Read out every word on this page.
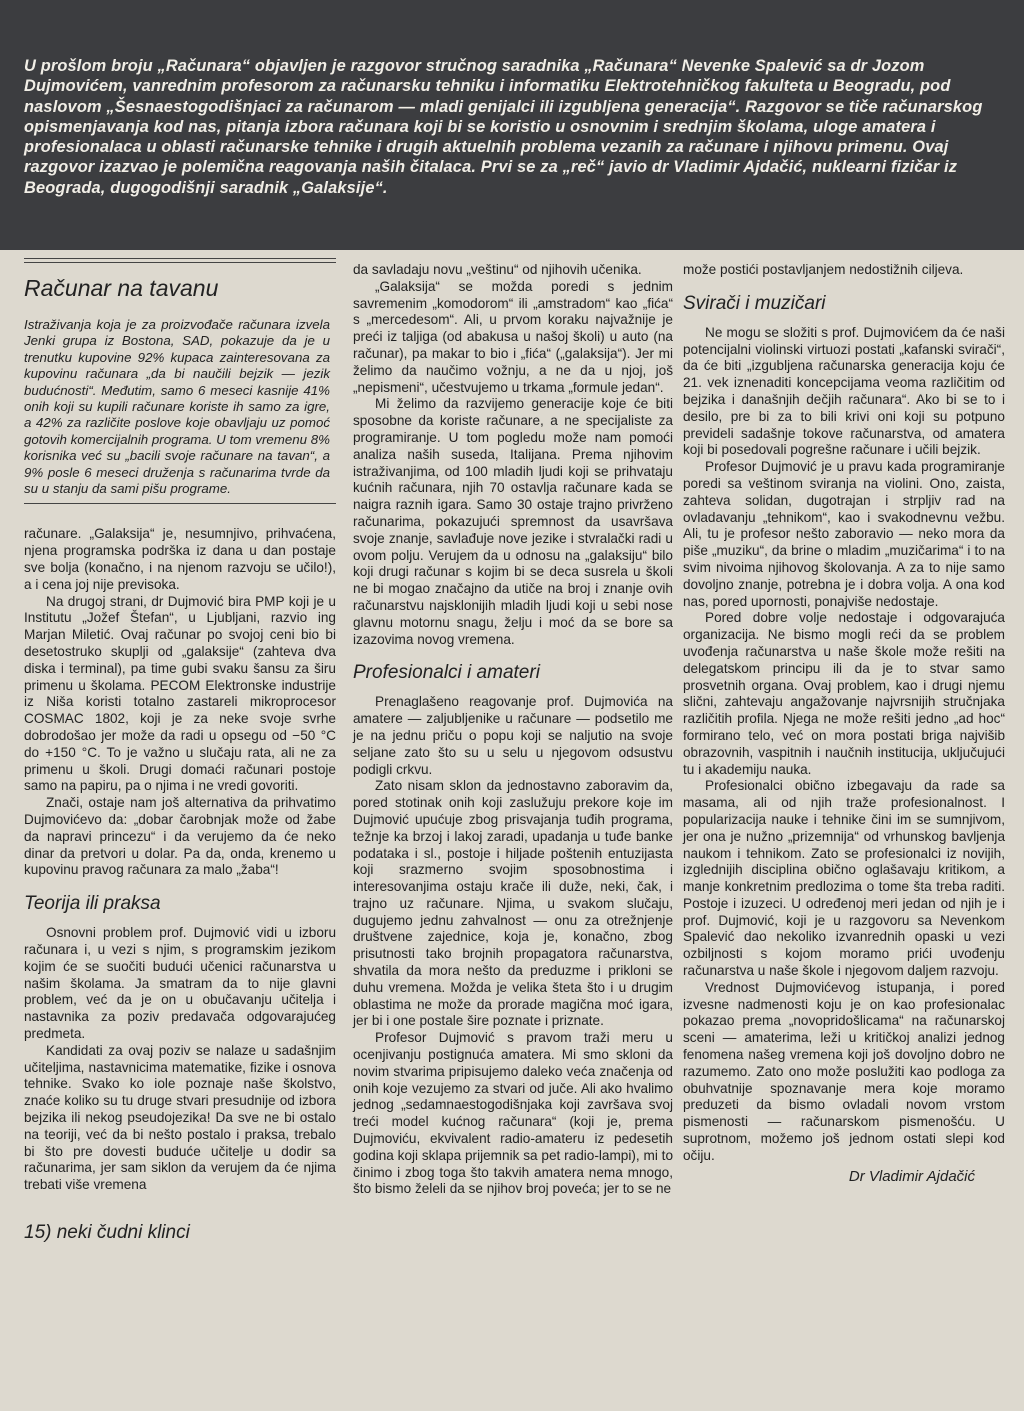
U prošlom broju „Računara“ objavljen je razgovor stručnog saradnika „Računara“ Nevenke Spalević sa dr Jozom Dujmovićem, vanrednim profesorom za računarsku tehniku i informatiku Elektrotehničkog fakulteta u Beogradu, pod naslovom „Šesnaestogodišnjaci za računarom — mladi genijalci ili izgubljena generacija“. Razgovor se tiče računarskog opismenjavanja kod nas, pitanja izbora računara koji bi se koristio u osnovnim i srednjim školama, uloge amatera i profesionalaca u oblasti računarske tehnike i drugih aktuelnih problema vezanih za računare i njihovu primenu. Ovaj razgovor izazvao je polemična reagovanja naših čitalaca. Prvi se za „reč“ javio dr Vladimir Ajdačić, nuklearni fizičar iz Beograda, dugogodišnji saradnik „Galaksije“.

Računar na tavanu

Istraživanja koja je za proizvođače računara izvela Jenki grupa iz Bostona, SAD, pokazuje da je u trenutku kupovine 92% kupaca zainteresovana za kupovinu računara „da bi naučili bejzik — jezik budućnosti“. Međutim, samo 6 meseci kasnije 41% onih koji su kupili računare koriste ih samo za igre, a 42% za različite poslove koje obavljaju uz pomoć gotovih komercijalnih programa. U tom vremenu 8% korisnika već su „bacili svoje računare na tavan“, a 9% posle 6 meseci druženja s računarima tvrde da su u stanju da sami pišu programe.

računare. „Galaksija“ je, nesumnjivo, prihvaćena, njena programska podrška iz dana u dan postaje sve bolja (konačno, i na njenom razvoju se učilo!), a i cena joj nije previsoka.

Na drugoj strani, dr Dujmović bira PMP koji je u Institutu „Jožef Štefan“, u Ljubljani, razvio ing Marjan Miletić. Ovaj računar po svojoj ceni bio bi desetostruko skuplji od „galaksije“ (zahteva dva diska i terminal), pa time gubi svaku šansu za širu primenu u školama. PECOM Elektronske industrije iz Niša koristi totalno zastareli mikroprocesor COSMAC 1802, koji je za neke svoje svrhe dobrodošao jer može da radi u opsegu od −50 °C do +150 °C. To je važno u slučaju rata, ali ne za primenu u školi. Drugi domaći računari postoje samo na papiru, pa o njima i ne vredi govoriti.

Znači, ostaje nam još alternativa da prihvatimo Dujmovićevo da: „dobar čarobnjak može od žabe da napravi princezu“ i da verujemo da će neko dinar da pretvori u dolar. Pa da, onda, krenemo u kupovinu pravog računara za malo „žaba“!

Teorija ili praksa

Osnovni problem prof. Dujmović vidi u izboru računara i, u vezi s njim, s programskim jezikom kojim će se suočiti budući učenici računarstva u našim školama. Ja smatram da to nije glavni problem, već da je on u obučavanju učitelja i nastavnika za poziv predavača odgovarajućeg predmeta.

Kandidati za ovaj poziv se nalaze u sadašnjim učiteljima, nastavnicima matematike, fizike i osnova tehnike. Svako ko iole poznaje naše školstvo, znaće koliko su tu druge stvari presudnije od izbora bejzika ili nekog pseudojezika! Da sve ne bi ostalo na teoriji, već da bi nešto postalo i praksa, trebalo bi što pre dovesti buduće učitelje u dodir sa računarima, jer sam siklon da verujem da će njima trebati više vremena

15) neki čudni klinci

da savladaju novu „veštinu“ od njihovih učenika.

„Galaksija“ se možda poredi s jednim savremenim „komodorom“ ili „amstradom“ kao „fića“ s „mercedesom“. Ali, u prvom koraku najvažnije je preći iz taljiga (od abakusa u našoj školi) u auto (na računar), pa makar to bio i „fića“ („galaksija“). Jer mi želimo da naučimo vožnju, a ne da u njoj, još „nepismeni“, učestvujemo u trkama „formule jedan“.

Mi želimo da razvijemo generacije koje će biti sposobne da koriste računare, a ne specijaliste za programiranje. U tom pogledu može nam pomoći analiza naših suseda, Italijana. Prema njihovim istraživanjima, od 100 mladih ljudi koji se prihvataju kućnih računara, njih 70 ostavlja računare kada se naigra raznih igara. Samo 30 ostaje trajno privrženo računarima, pokazujući spremnost da usavršava svoje znanje, savlađuje nove jezike i stvralački radi u ovom polju. Verujem da u odnosu na „galaksiju“ bilo koji drugi računar s kojim bi se deca susrela u školi ne bi mogao značajno da utiče na broj i znanje ovih računarstvu najsklonijih mladih ljudi koji u sebi nose glavnu motornu snagu, želju i moć da se bore sa izazovima novog vremena.

Profesionalci i amateri

Prenaglašeno reagovanje prof. Dujmovića na amatere — zaljubljenike u računare — podsetilo me je na jednu priču o popu koji se naljutio na svoje seljane zato što su u selu u njegovom odsustvu podigli crkvu.

Zato nisam sklon da jednostavno zaboravim da, pored stotinak onih koji zaslužuju prekore koje im Dujmović upućuje zbog prisvajanja tuđih programa, težnje ka brzoj i lakoj zaradi, upadanja u tuđe banke podataka i sl., postoje i hiljade poštenih entuzijasta koji srazmerno svojim sposobnostima i interesovanjima ostaju krače ili duže, neki, čak, i trajno uz računare. Njima, u svakom slučaju, dugujemo jednu zahvalnost — onu za otrežnjenje društvene zajednice, koja je, konačno, zbog prisutnosti tako brojnih propagatora računarstva, shvatila da mora nešto da preduzme i prikloni se duhu vremena. Možda je velika šteta što i u drugim oblastima ne može da prorade magična moć igara, jer bi i one postale šire poznate i priznate.

Profesor Dujmović s pravom traži meru u ocenjivanju postignuća amatera. Mi smo skloni da novim stvarima pripisujemo daleko veća značenja od onih koje vezujemo za stvari od juče. Ali ako hvalimo jednog „sedamnaestogodišnjaka koji završava svoj treći model kućnog računara“ (koji je, prema Dujmoviću, ekvivalent radio-amateru iz pedesetih godina koji sklapa prijemnik sa pet radio-lampi), mi to činimo i zbog toga što takvih amatera nema mnogo, što bismo želeli da se njihov broj poveća; jer to se ne

može postići postavljanjem nedostižnih ciljeva.

Svirači i muzičari

Ne mogu se složiti s prof. Dujmovićem da će naši potencijalni violinski virtuozi postati „kafanski svirači“, da će biti „izgubljena računarska generacija koju će 21. vek iznenaditi koncepcijama veoma različitim od bejzika i današnjih dečjih računara“. Ako bi se to i desilo, pre bi za to bili krivi oni koji su potpuno prevideli sadašnje tokove računarstva, od amatera koji bi posedovali pogrešne računare i učili bejzik.

Profesor Dujmović je u pravu kada programiranje poredi sa veštinom sviranja na violini. Ono, zaista, zahteva solidan, dugotrajan i strpljiv rad na ovladavanju „tehnikom“, kao i svakodnevnu vežbu. Ali, tu je profesor nešto zaboravio — neko mora da piše „muziku“, da brine o mladim „muzičarima“ i to na svim nivoima njihovog školovanja. A za to nije samo dovoljno znanje, potrebna je i dobra volja. A ona kod nas, pored upornosti, ponajviše nedostaje.

Pored dobre volje nedostaje i odgovarajuća organizacija. Ne bismo mogli reći da se problem uvođenja računarstva u naše škole može rešiti na delegatskom principu ili da je to stvar samo prosvetnih organa. Ovaj problem, kao i drugi njemu slični, zahtevaju angažovanje najvrsnijih stručnjaka različitih profila. Njega ne može rešiti jedno „ad hoc“ formirano telo, već on mora postati briga najvišib obrazovnih, vaspitnih i naučnih institucija, uključujući tu i akademiju nauka.

Profesionalci obično izbegavaju da rade sa masama, ali od njih traže profesionalnost. I popularizacija nauke i tehnike čini im se sumnjivom, jer ona je nužno „prizemnija“ od vrhunskog bavljenja naukom i tehnikom. Zato se profesionalci iz novijih, izglednijih disciplina obično oglašavaju kritikom, a manje konkretnim predlozima o tome šta treba raditi. Postoje i izuzeci. U određenoj meri jedan od njih je i prof. Dujmović, koji je u razgovoru sa Nevenkom Spalević dao nekoliko izvanrednih opaski u vezi ozbiljnosti s kojom moramo prići uvođenju računarstva u naše škole i njegovom daljem razvoju.

Vrednost Dujmovićevog istupanja, i pored izvesne nadmenosti koju je on kao profesionalac pokazao prema „novopridošlicama“ na računarskoj sceni — amaterima, leži u kritičkoj analizi jednog fenomena našeg vremena koji još dovoljno dobro ne razumemo. Zato ono može poslužiti kao podloga za obuhvatnije spoznavanje mera koje moramo preduzeti da bismo ovladali novom vrstom pismenosti — računarskom pismenošću. U suprotnom, možemo još jednom ostati slepi kod očiju.

Dr Vladimir Ajdačić
